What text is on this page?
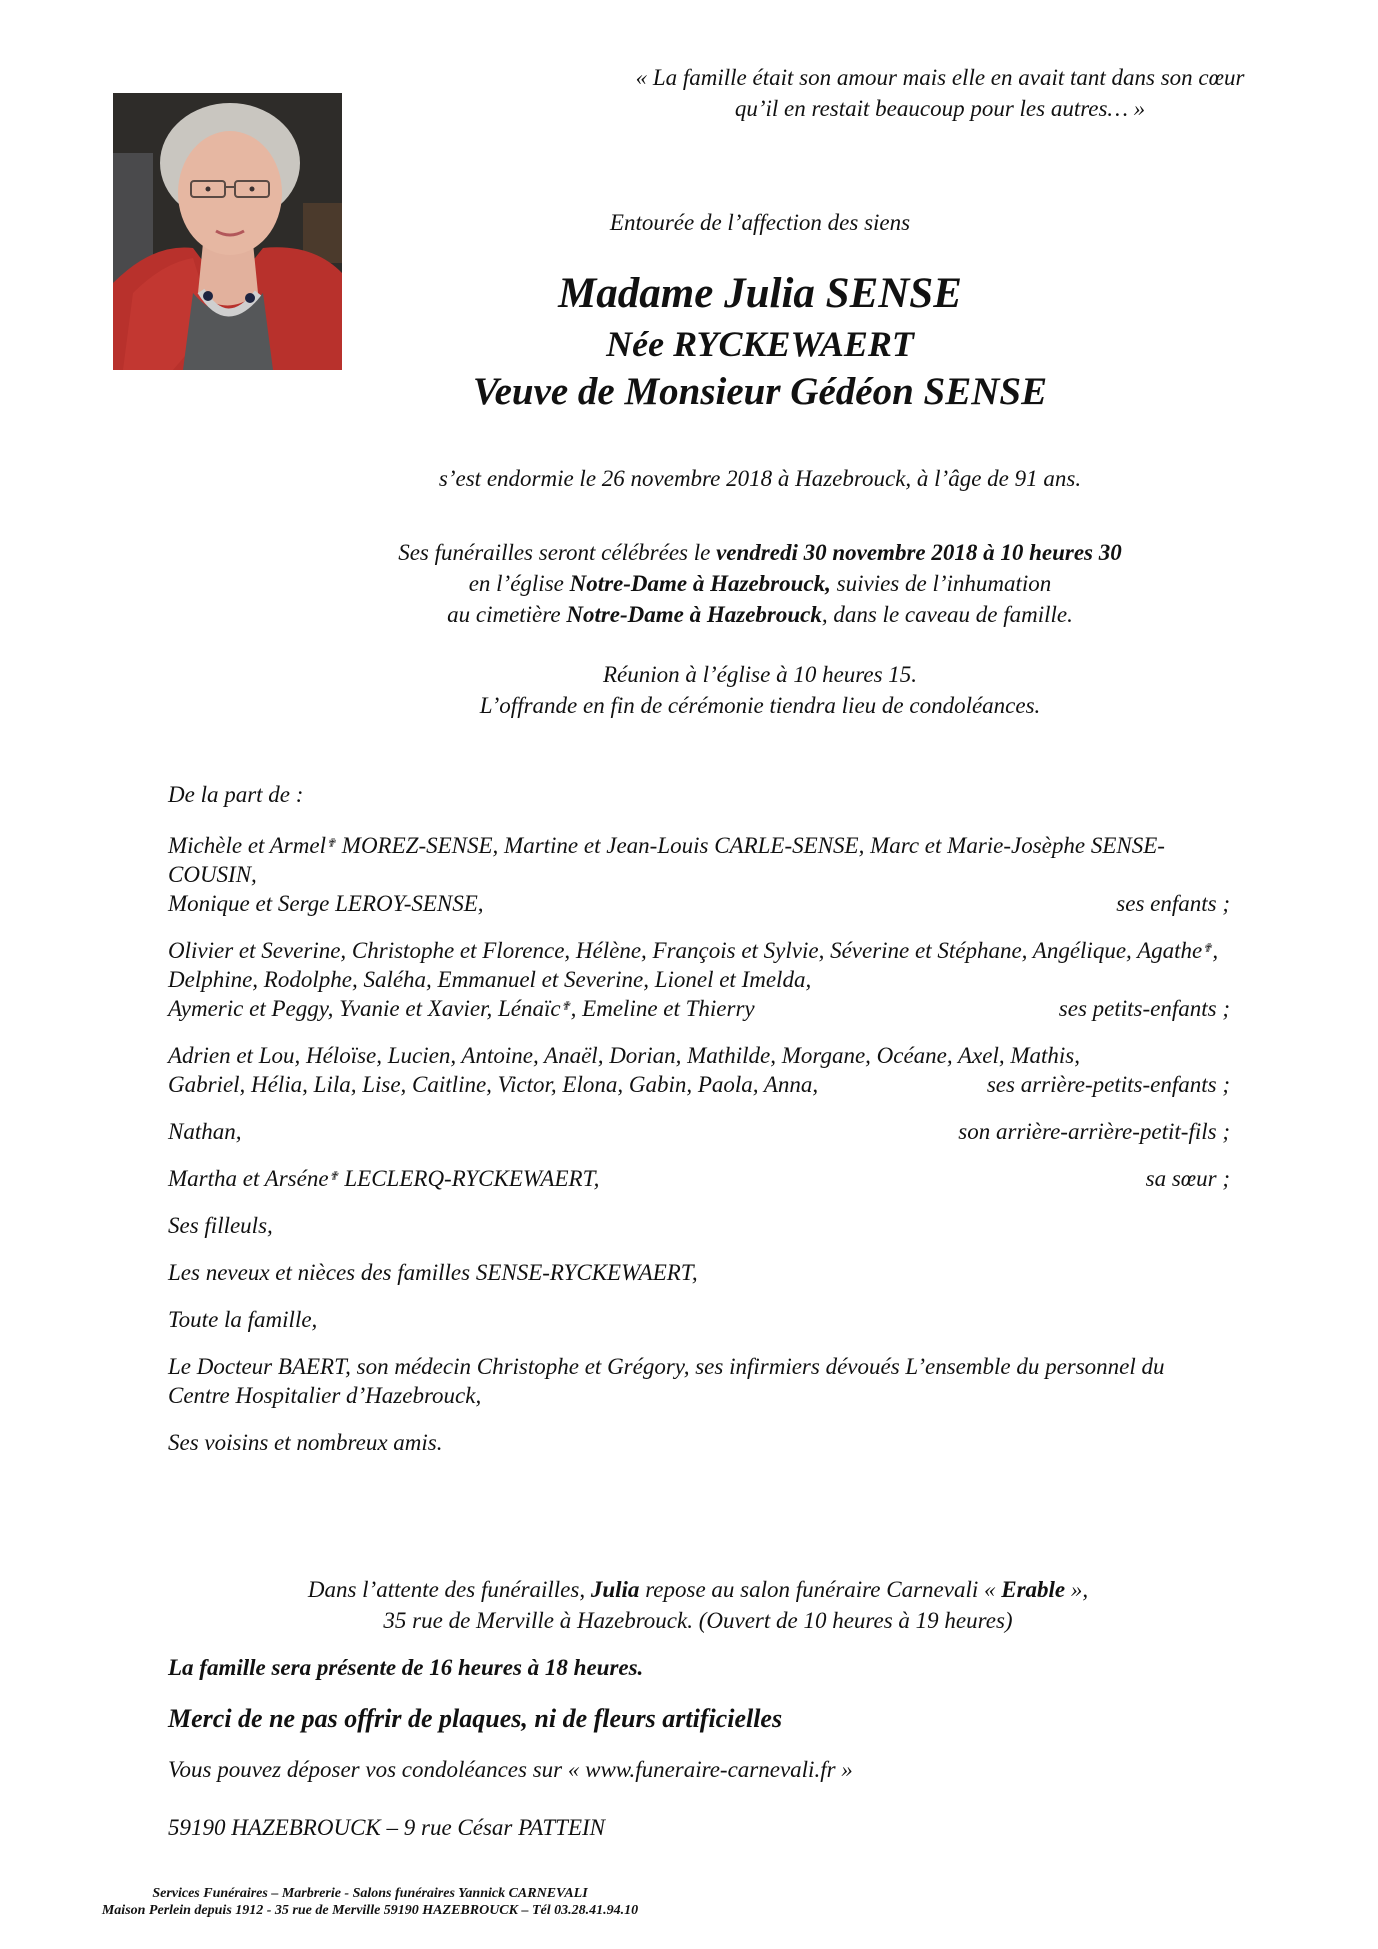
« La famille était son amour mais elle en avait tant dans son cœur
qu’il en restait beaucoup pour les autres… »
Entourée de l’affection des siens
Madame Julia SENSE
Née RYCKEWAERT
Veuve de Monsieur Gédéon SENSE
s’est endormie le 26 novembre 2018 à Hazebrouck, à l’âge de 91 ans.
Ses funérailles seront célébrées le vendredi 30 novembre 2018 à 10 heures 30
en l’église Notre-Dame à Hazebrouck, suivies de l’inhumation
au cimetière Notre-Dame à Hazebrouck, dans le caveau de famille.
Réunion à l’église à 10 heures 15.
L’offrande en fin de cérémonie tiendra lieu de condoléances.

De la part de :

Michèle et Armel✟ MOREZ-SENSE, Martine et Jean-Louis CARLE-SENSE, Marc et Marie-Josèphe SENSE-COUSIN,
Monique et Serge LEROY-SENSE,	ses enfants ;

Olivier et Severine, Christophe et Florence, Hélène, François et Sylvie, Séverine et Stéphane, Angélique, Agathe✟, Delphine, Rodolphe, Saléha, Emmanuel et Severine, Lionel et Imelda,
Aymeric et Peggy, Yvanie et Xavier, Lénaïc✟, Emeline et Thierry	ses petits-enfants ;

Adrien et Lou, Héloïse, Lucien, Antoine, Anaël, Dorian, Mathilde, Morgane, Océane, Axel, Mathis,
Gabriel, Hélia, Lila, Lise, Caitline, Victor, Elona, Gabin, Paola, Anna,	ses arrière-petits-enfants ;

Nathan,	son arrière-arrière-petit-fils ;

Martha et Arséne✟ LECLERQ-RYCKEWAERT,	sa sœur ;

Ses filleuls,

Les neveux et nièces des familles SENSE-RYCKEWAERT,

Toute la famille,

Le Docteur BAERT, son médecin Christophe et Grégory, ses infirmiers dévoués L’ensemble du personnel du Centre Hospitalier d’Hazebrouck,

Ses voisins et nombreux amis.

Dans l’attente des funérailles, Julia repose au salon funéraire Carnevali « Erable »,
35 rue de Merville à Hazebrouck. (Ouvert de 10 heures à 19 heures)
La famille sera présente de 16 heures à 18 heures.
Merci de ne pas offrir de plaques, ni de fleurs artificielles
Vous pouvez déposer vos condoléances sur « www.funeraire-carnevali.fr »
59190 HAZEBROUCK – 9 rue César PATTEIN
Services Funéraires – Marbrerie - Salons funéraires Yannick CARNEVALI
Maison Perlein depuis 1912 - 35 rue de Merville 59190 HAZEBROUCK – Tél 03.28.41.94.10
